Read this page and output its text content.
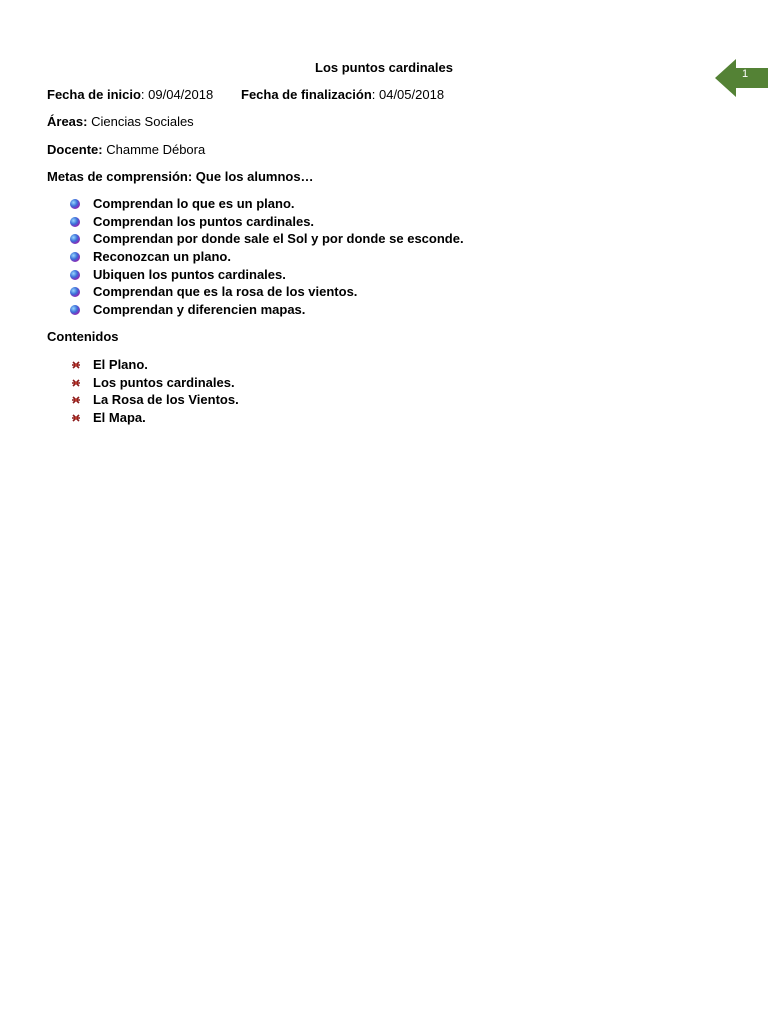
Los puntos cardinales	1
Fecha de inicio: 09/04/2018 Fecha de finalización: 04/05/2018
Áreas: Ciencias Sociales
Docente: Chamme Débora
Metas de comprensión: Que los alumnos…
Comprendan lo que es un plano.
Comprendan los puntos cardinales.
Comprendan por donde sale el Sol y por donde se esconde.
Reconozcan un plano.
Ubiquen los puntos cardinales.
Comprendan que es la rosa de los vientos.
Comprendan y diferencien mapas.
Contenidos
El Plano.
Los puntos cardinales.
La Rosa de los Vientos.
El Mapa.
